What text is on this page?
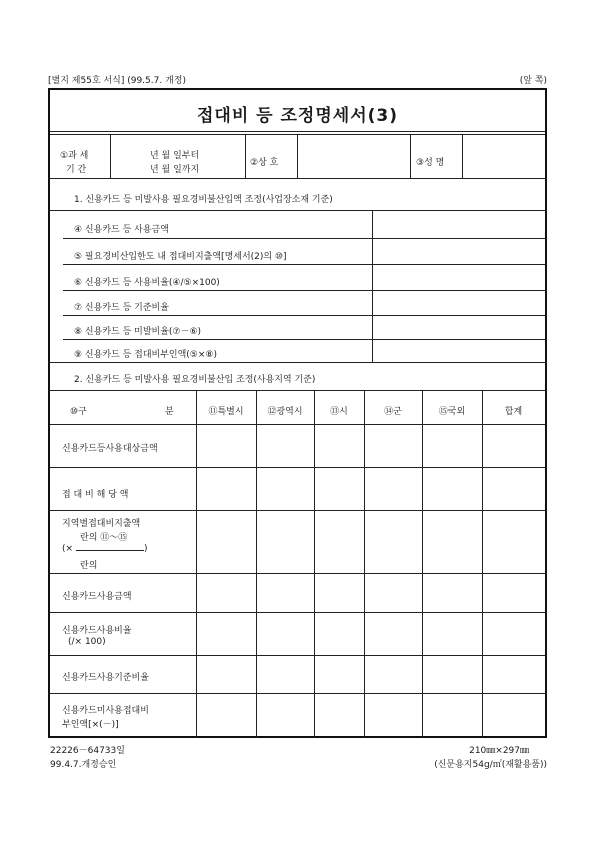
[별지 제55호 서식] (99.5.7. 개정)	(앞 쪽)
접대비 등 조정명세서(3)
①과 세
기 간
년 월 일부터
년 월 일까지
②상 호	③성 명
1. 신용카드 등 미발사용 필요경비불산입액 조정(사업장소재 기준)
④ 신용카드 등 사용금액
⑤ 필요경비산입한도 내 접대비지출액[명세서(2)의 ⑩]
⑥ 신용카드 등 사용비율(④/⑤×100)
⑦ 신용카드 등 기준비율
⑧ 신용카드 등 미발비율(⑦－⑥)
⑨ 신용카드 등 접대비부인액(⑤×⑧)
2. 신용카드 등 미발사용 필요경비불산입 조정(사용지역 기준)
⑩구	분	⑪특별시	⑫광역시	⑬시	⑭군	⑮국외	합계
신용카드등사용대상금액
접 대 비 해 당 액
지역별접대비지출액
란의 ⑪～⑮
(×	)
란의
신용카드사용금액
신용카드사용비율
(/× 100)
신용카드사용기준비율
신용카드미사용접대비
부인액[×(－)]
22226－64733일
99.4.7.개정승인
210㎜×297㎜
(신문용지54g/㎡(재활용품))
